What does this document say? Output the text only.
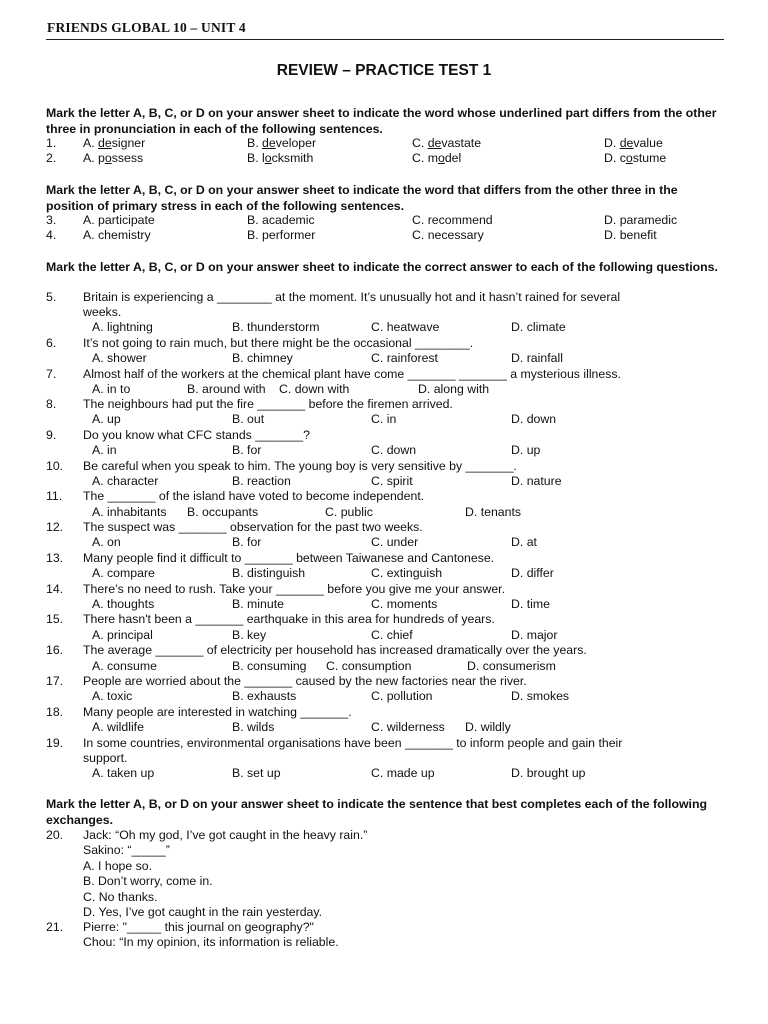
FRIENDS GLOBAL 10 – UNIT 4
REVIEW – PRACTICE TEST 1
Mark the letter A, B, C, or D on your answer sheet to indicate the word whose underlined part differs from the other three in pronunciation in each of the following sentences.
1. A. designer	B. developer	C. devastate	D. devalue
2. A. possess	B. locksmith	C. model	D. costume
Mark the letter A, B, C, or D on your answer sheet to indicate the word that differs from the other three in the position of primary stress in each of the following sentences.
3. A. participate	B. academic	C. recommend	D. paramedic
4. A. chemistry	B. performer	C. necessary	D. benefit
Mark the letter A, B, C, or D on your answer sheet to indicate the correct answer to each of the following questions.
5. Britain is experiencing a ________ at the moment. It’s unusually hot and it hasn’t rained for several
weeks.
A. lightning	B. thunderstorm	C. heatwave	D. climate
6. It’s not going to rain much, but there might be the occasional ________.
A. shower	B. chimney	C. rainforest	D. rainfall
7. Almost half of the workers at the chemical plant have come _______ _______ a mysterious illness.
A. in to	B. around with C. down with	D. along with
8. The neighbours had put the fire _______ before the firemen arrived.
A. up	B. out	C. in	D. down
9. Do you know what CFC stands _______?
A. in	B. for	C. down	D. up
10. Be careful when you speak to him. The young boy is very sensitive by _______.
A. character	B. reaction	C. spirit	D. nature
11. The _______ of the island have voted to become independent.
A. inhabitants B. occupants	C. public	D. tenants
12. The suspect was _______ observation for the past two weeks.
A. on	B. for	C. under	D. at
13. Many people find it difficult to _______ between Taiwanese and Cantonese.
A. compare	B. distinguish	C. extinguish	D. differ
14. There’s no need to rush. Take your _______ before you give me your answer.
A. thoughts	B. minute	C. moments	D. time
15. There hasn't been a _______ earthquake in this area for hundreds of years.
A. principal	B. key	C. chief	D. major
16. The average _______ of electricity per household has increased dramatically over the years.
A. consume	B. consuming C. consumption	D. consumerism
17. People are worried about the _______ caused by the new factories near the river.
A. toxic	B. exhausts	C. pollution	D. smokes
18. Many people are interested in watching _______.
A. wildlife	B. wilds	C. wilderness D. wildly
19. In some countries, environmental organisations have been _______ to inform people and gain their
support.
A. taken up	B. set up	C. made up	D. brought up
Mark the letter A, B, or D on your answer sheet to indicate the sentence that best completes each of the following exchanges.
20. Jack: “Oh my god, I’ve got caught in the heavy rain.”
Sakino: “_____”
A. I hope so.
B. Don’t worry, come in.
C. No thanks.
D. Yes, I’ve got caught in the rain yesterday.
21. Pierre: "_____ this journal on geography?"
Chou: “In my opinion, its information is reliable.
